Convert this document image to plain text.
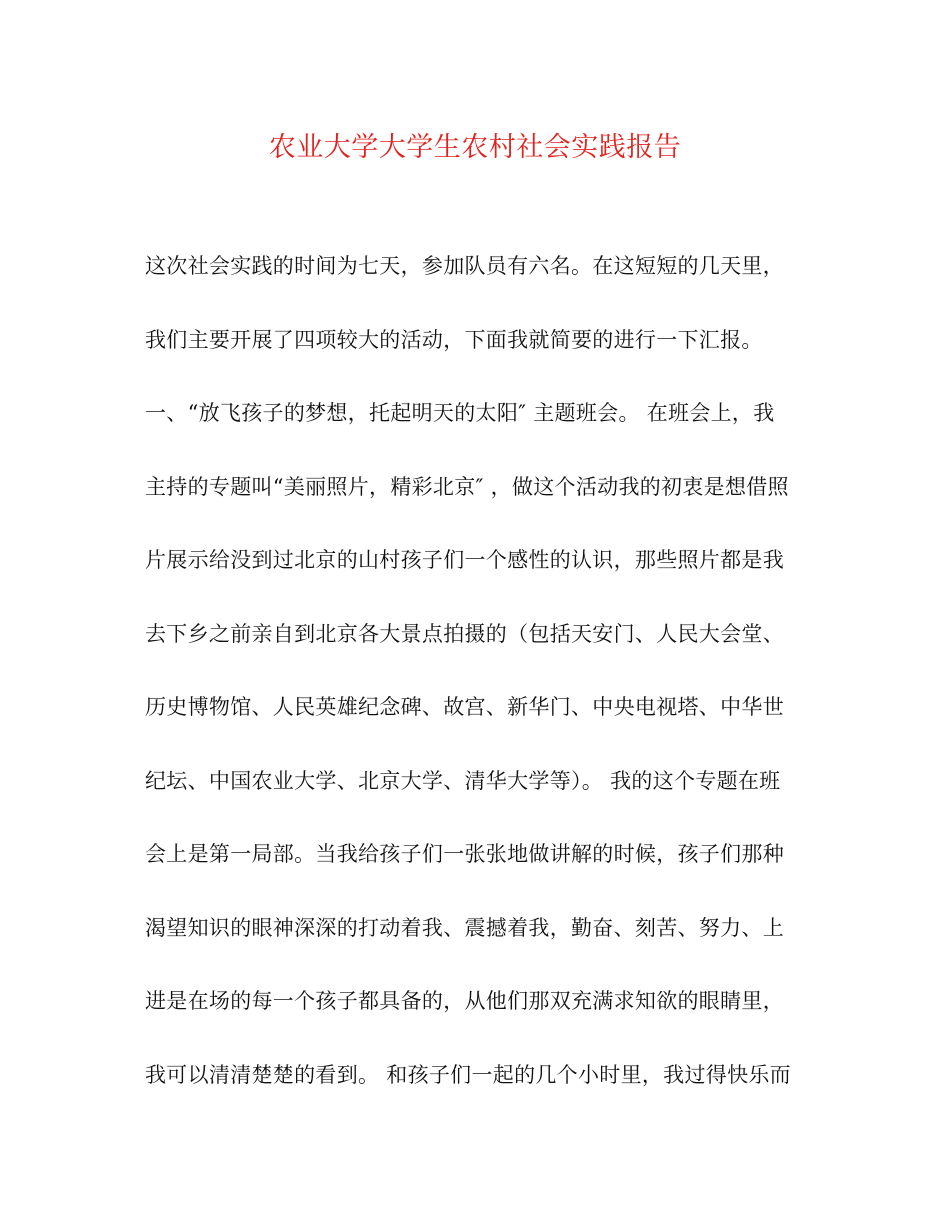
农业大学大学生农村社会实践报告
这次社会实践的时间为七天，参加队员有六名。在这短短的几天里，
我们主要开展了四项较大的活动，下面我就简要的进行一下汇报。
一、“放飞孩子的梦想，托起明天的太阳″ 主题班会。 在班会上，我
主持的专题叫“美丽照片，精彩北京″ ，做这个活动我的初衷是想借照
片展示给没到过北京的山村孩子们一个感性的认识，那些照片都是我
去下乡之前亲自到北京各大景点拍摄的（包括天安门、人民大会堂、
历史博物馆、人民英雄纪念碑、故宫、新华门、中央电视塔、中华世
纪坛、中国农业大学、北京大学、清华大学等）。 我的这个专题在班
会上是第一局部。当我给孩子们一张张地做讲解的时候，孩子们那种
渴望知识的眼神深深的打动着我、震撼着我，勤奋、刻苦、努力、上
进是在场的每一个孩子都具备的，从他们那双充满求知欲的眼睛里，
我可以清清楚楚的看到。 和孩子们一起的几个小时里，我过得快乐而
